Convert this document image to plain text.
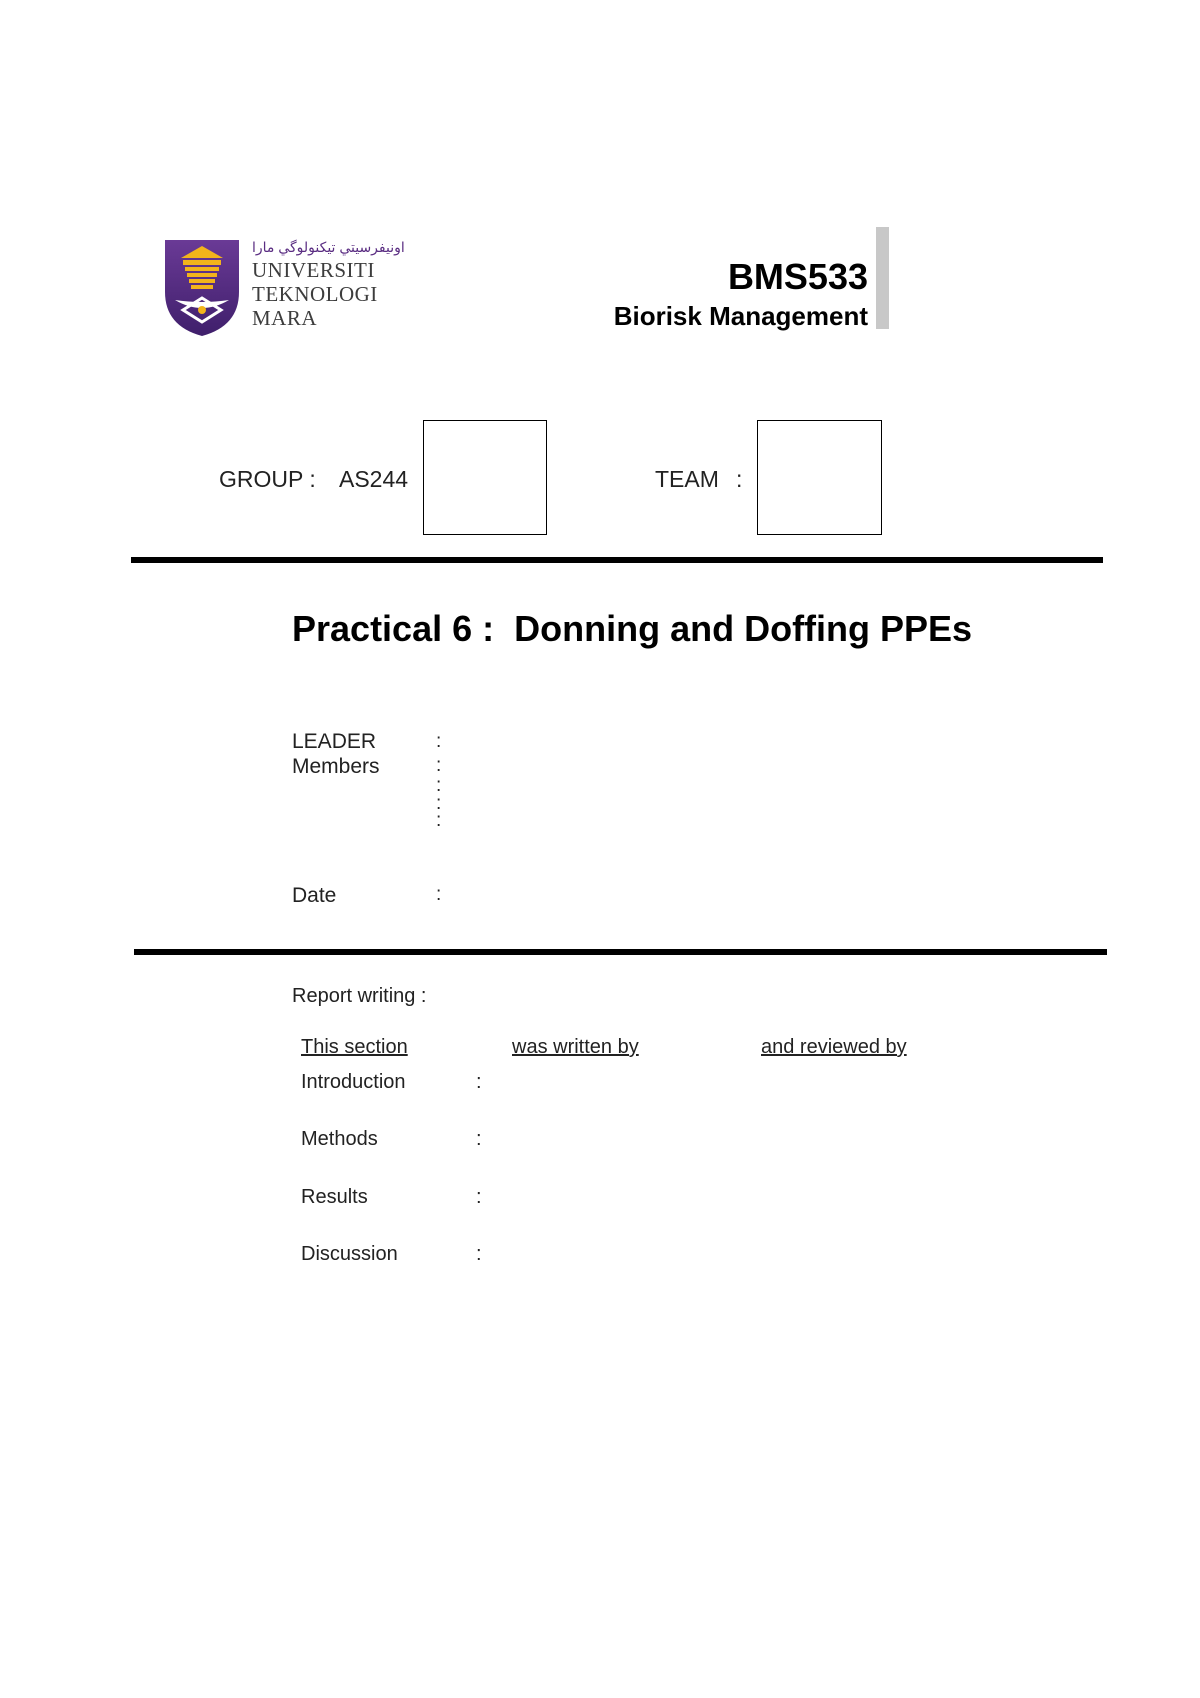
ﺍﻭﻧﻴﻔﺮﺳﻴﺘﻲ ﺗﻴﻜﻨﻮﻟﻮﮔﻲ ﻣﺎرا
UNIVERSITI
TEKNOLOGI
MARA
BMS533
Biorisk Management
GROUP : AS244	TEAM :
Practical 6 :  Donning and Doffing PPEs
LEADER	:
Members	:
:
:
:
Date	:
Report writing :
This section	was written by	and reviewed by
Introduction	:
Methods	:
Results	:
Discussion	:
